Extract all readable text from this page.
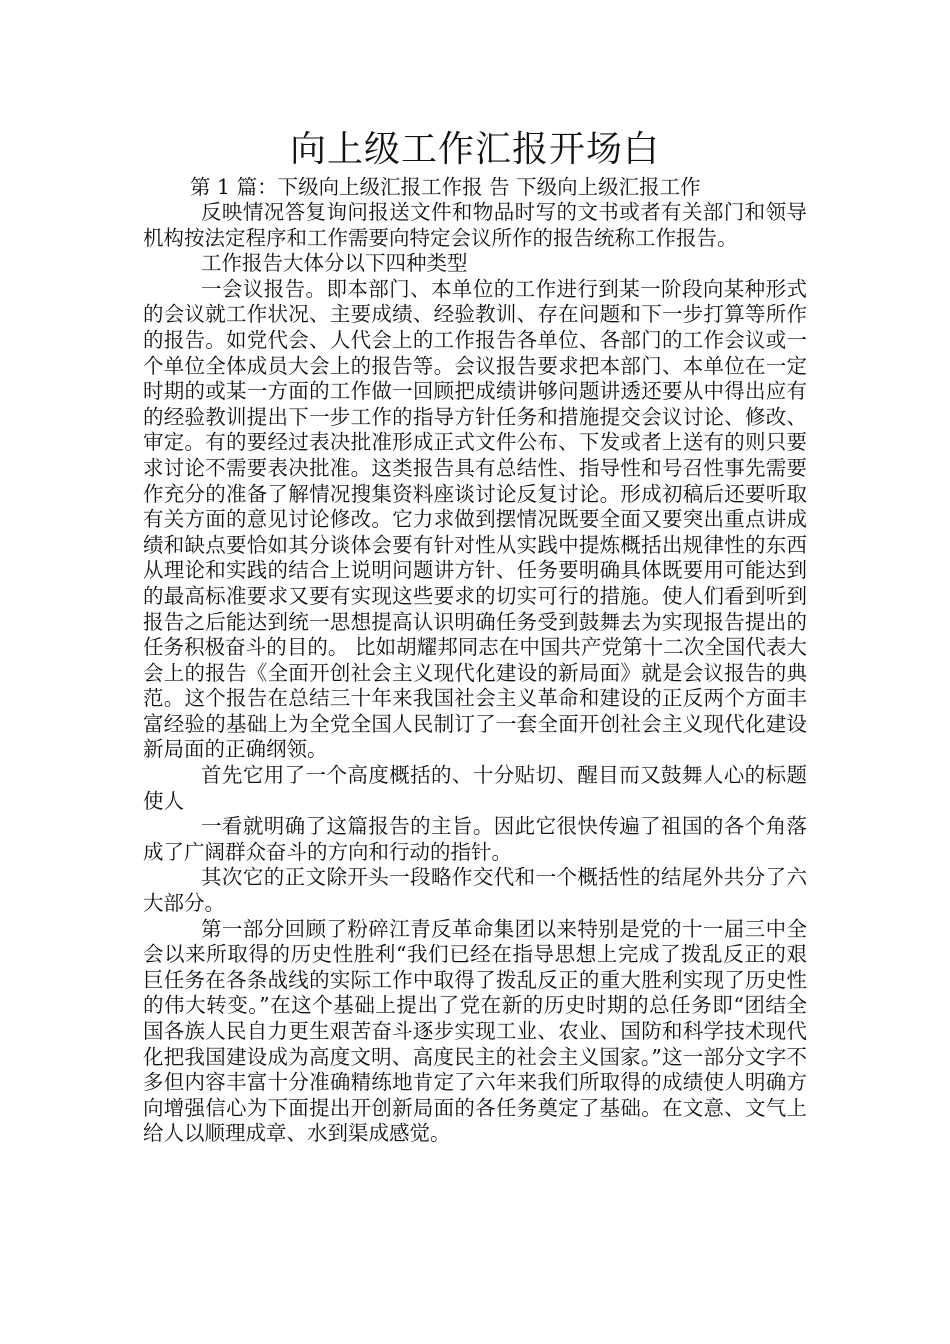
向上级工作汇报开场白
第 1 篇：下级向上级汇报工作报 告 下级向上级汇报工作

反映情况答复询问报送文件和物品时写的文书或者有关部门和领导机构按法定程序和工作需要向特定会议所作的报告统称工作报告。

工作报告大体分以下四种类型

一会议报告。即本部门、本单位的工作进行到某一阶段向某种形式的会议就工作状况、主要成绩、经验教训、存在问题和下一步打算等所作的报告。如党代会、人代会上的工作报告各单位、各部门的工作会议或一个单位全体成员大会上的报告等。会议报告要求把本部门、本单位在一定时期的或某一方面的工作做一回顾把成绩讲够问题讲透还要从中得出应有的经验教训提出下一步工作的指导方针任务和措施提交会议讨论、修改、审定。有的要经过表决批准形成正式文件公布、下发或者上送有的则只要求讨论不需要表决批准。这类报告具有总结性、指导性和号召性事先需要作充分的准备了解情况搜集资料座谈讨论反复讨论。形成初稿后还要听取有关方面的意见讨论修改。它力求做到摆情况既要全面又要突出重点讲成绩和缺点要恰如其分谈体会要有针对性从实践中提炼概括出规律性的东西从理论和实践的结合上说明问题讲方针、任务要明确具体既要用可能达到的最高标准要求又要有实现这些要求的切实可行的措施。使人们看到听到报告之后能达到统一思想提高认识明确任务受到鼓舞去为实现报告提出的任务积极奋斗的目的。 比如胡耀邦同志在中国共产党第十二次全国代表大会上的报告《全面开创社会主义现代化建设的新局面》就是会议报告的典范。这个报告在总结三十年来我国社会主义革命和建设的正反两个方面丰富经验的基础上为全党全国人民制订了一套全面开创社会主义现代化建设新局面的正确纲领。

首先它用了一个高度概括的、十分贴切、醒目而又鼓舞人心的标题使人

一看就明确了这篇报告的主旨。因此它很快传遍了祖国的各个角落成了广阔群众奋斗的方向和行动的指针。

其次它的正文除开头一段略作交代和一个概括性的结尾外共分了六大部分。

第一部分回顾了粉碎江青反革命集团以来特别是党的十一届三中全会以来所取得的历史性胜利“我们已经在指导思想上完成了拨乱反正的艰巨任务在各条战线的实际工作中取得了拨乱反正的重大胜利实现了历史性的伟大转变。”在这个基础上提出了党在新的历史时期的总任务即“团结全国各族人民自力更生艰苦奋斗逐步实现工业、农业、国防和科学技术现代化把我国建设成为高度文明、高度民主的社会主义国家。”这一部分文字不多但内容丰富十分准确精练地肯定了六年来我们所取得的成绩使人明确方向增强信心为下面提出开创新局面的各任务奠定了基础。在文意、文气上给人以顺理成章、水到渠成感觉。
